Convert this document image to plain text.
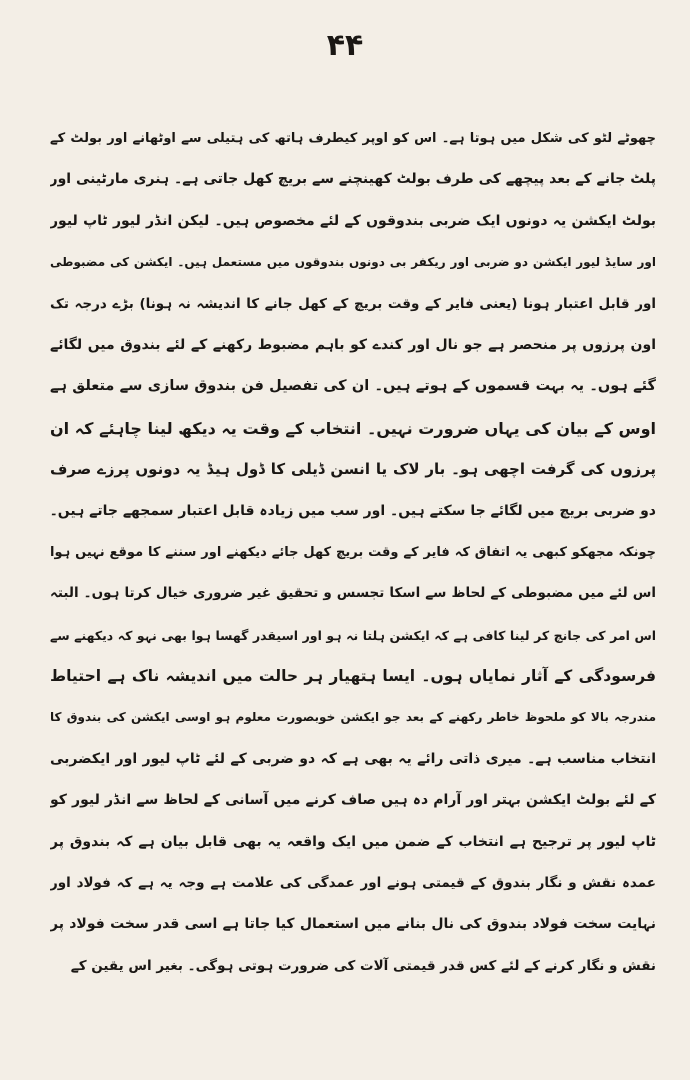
۴۴
چھوٹے لٹو کی شکل میں ہوتا ہے۔ اس کو اوپر کیطرف ہاتھ کی ہتیلی سے اوٹھانے اور بولٹ کے
پلٹ جانے کے بعد پیچھے کی طرف بولٹ کھینچنے سے بریچ کھل جاتی ہے۔ ہنری مارٹینی اور
بولٹ ایکشن یہ دونوں ایک ضربی بندوقوں کے لئے مخصوص ہیں۔ لیکن انڈر لیور ٹاپ لیور
اور سایڈ لیور ایکشن دو ضربی اور ریکفر بی دونوں بندوقوں میں مستعمل ہیں۔ ایکشن کی مضبوطی
اور قابل اعتبار ہونا (یعنی فایر کے وقت بریچ کے کھل جانے کا اندیشہ نہ ہونا) بڑے درجہ تک
اون پرزوں پر منحصر ہے جو نال اور کندے کو باہم مضبوط رکھنے کے لئے بندوق میں لگائے
گئے ہوں۔ یہ بہت قسموں کے ہوتے ہیں۔ ان کی تفصیل فن بندوق سازی سے متعلق ہے
اوس کے بیان کی یہاں ضرورت نہیں۔ انتخاب کے وقت یہ دیکھ لینا چاہئے کہ ان
پرزوں کی گرفت اچھی ہو۔ بار لاک یا انسن ڈیلی کا ڈول ہیڈ یہ دونوں پرزے صرف
دو ضربی بریچ میں لگائے جا سکتے ہیں۔ اور سب میں زیادہ قابل اعتبار سمجھے جاتے ہیں۔
چونکہ مجھکو کبھی یہ اتفاق کہ فایر کے وقت بریچ کھل جائے دیکھنے اور سننے کا موقع نہیں ہوا
اس لئے میں مضبوطی کے لحاظ سے اسکا تجسس و تحقیق غیر ضروری خیال کرتا ہوں۔ البتہ
اس امر کی جانچ کر لینا کافی ہے کہ ایکشن ہلتا نہ ہو اور اسیقدر گھسا ہوا بھی نہو کہ دیکھنے سے
فرسودگی کے آثار نمایاں ہوں۔ ایسا ہتھیار ہر حالت میں اندیشہ ناک ہے احتیاط
مندرجہ بالا کو ملحوظ خاطر رکھنے کے بعد جو ایکشن خوبصورت معلوم ہو اوسی ایکشن کی بندوق کا
انتخاب مناسب ہے۔ میری ذاتی رائے یہ بھی ہے کہ دو ضربی کے لئے ٹاپ لیور اور ایکضربی
کے لئے بولٹ ایکشن بہتر اور آرام دہ ہیں صاف کرنے میں آسانی کے لحاظ سے انڈر لیور کو
ٹاپ لیور پر ترجیح ہے انتخاب کے ضمن میں ایک واقعہ یہ بھی قابل بیان ہے کہ بندوق پر
عمدہ نقش و نگار بندوق کے قیمتی ہونے اور عمدگی کی علامت ہے وجہ یہ ہے کہ فولاد اور
نہایت سخت فولاد بندوق کی نال بنانے میں استعمال کیا جاتا ہے اسی قدر سخت فولاد پر
نقش و نگار کرنے کے لئے کس قدر قیمتی آلات کی ضرورت ہوتی ہوگی۔ بغیر اس یقین کے
